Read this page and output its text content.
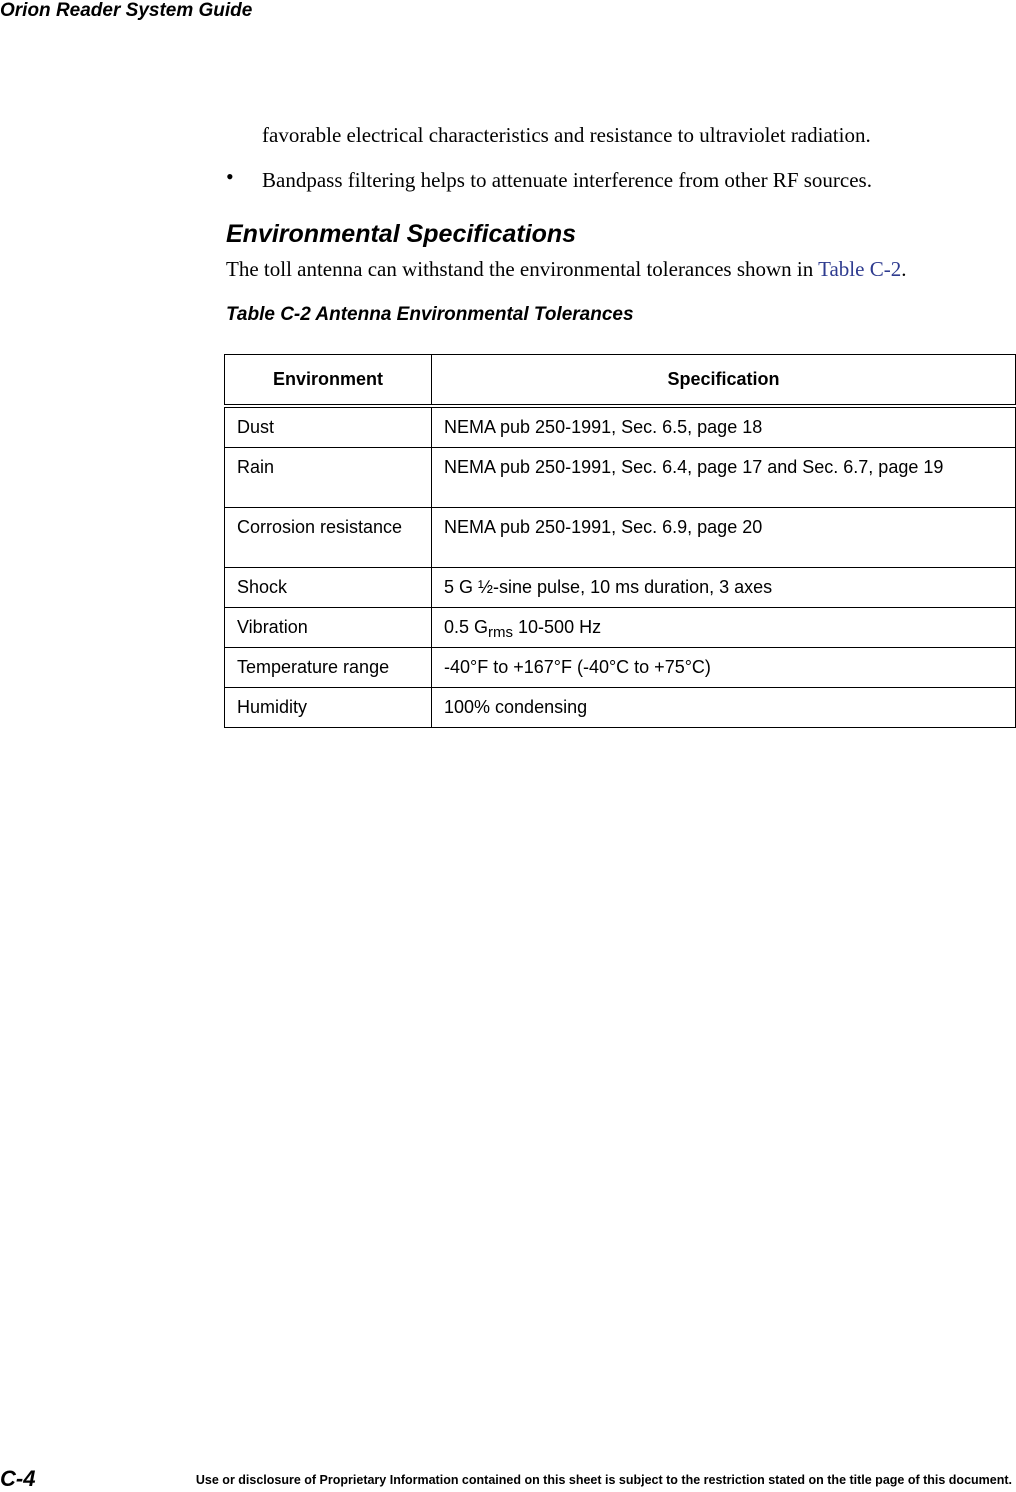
Orion Reader System Guide
favorable electrical characteristics and resistance to ultraviolet radiation.
• Bandpass filtering helps to attenuate interference from other RF sources.
Environmental Specifications
The toll antenna can withstand the environmental tolerances shown in Table C-2.
Table C-2 Antenna Environmental Tolerances
Environment	Specification
Dust	NEMA pub 250-1991, Sec. 6.5, page 18
Rain	NEMA pub 250-1991, Sec. 6.4, page 17 and Sec. 6.7, page 19
Corrosion resistance	NEMA pub 250-1991, Sec. 6.9, page 20
Shock	5 G ½-sine pulse, 10 ms duration, 3 axes
Vibration	0.5 $G_{rms}$ 10-500 Hz
Temperature range	-40°F to +167°F (-40°C to +75°C)
Humidity	100% condensing
C-4	Use or disclosure of Proprietary Information contained on this sheet is subject to the restriction stated on the title page of this document.
